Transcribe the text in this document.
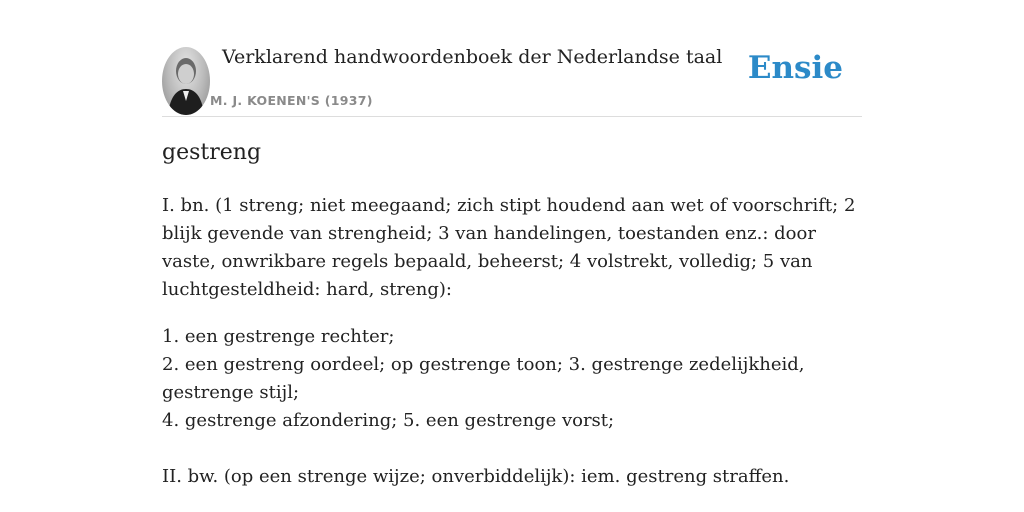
Verklarend handwoordenboek der Nederlandse taal
M. J. KOENEN'S (1937)
Ensie
gestreng

I. bn. (1 streng; niet meegaand; zich stipt houdend aan wet of voorschrift; 2 blijk gevende van strengheid; 3 van handelingen, toestanden enz.: door vaste, onwrikbare regels bepaald, beheerst; 4 volstrekt, volledig; 5 van luchtgesteldheid: hard, streng):

1. een gestrenge rechter;
2. een gestreng oordeel; op gestrenge toon; 3. gestrenge zedelijkheid, gestrenge stijl;
4. gestrenge afzondering; 5. een gestrenge vorst;

II. bw. (op een strenge wijze; onverbiddelijk): iem. gestreng straffen.
